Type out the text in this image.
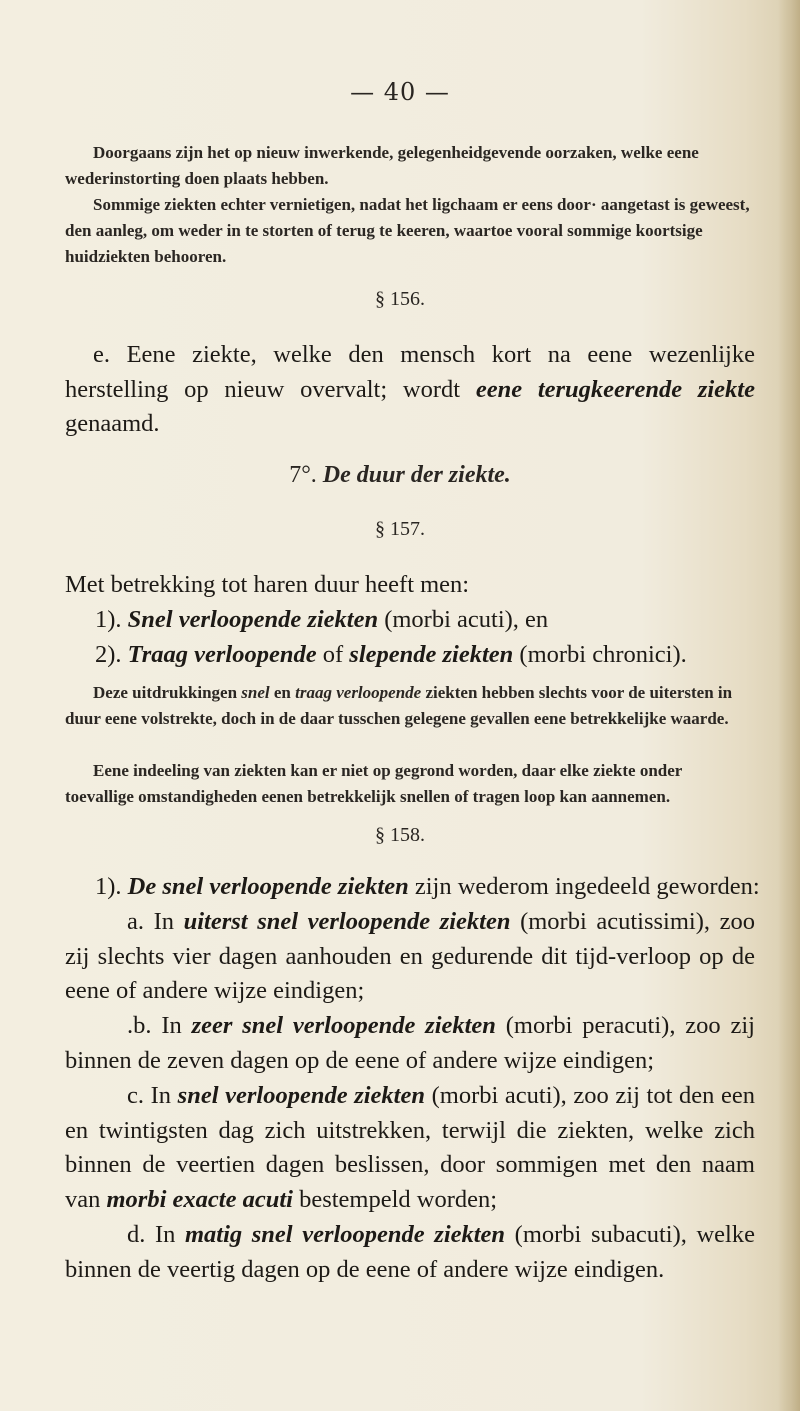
— 40 —

Doorgaans zijn het op nieuw inwerkende, gelegenheidgevende oorzaken, welke eene wederinstorting doen plaats hebben.

Sommige ziekten echter vernietigen, nadat het ligchaam er eens door· aangetast is geweest, den aanleg, om weder in te storten of terug te keeren, waartoe vooral sommige koortsige huidziekten behooren.

§ 156.

e. Eene ziekte, welke den mensch kort na eene wezenlijke herstelling op nieuw overvalt; wordt eene terugkeerende ziekte genaamd.

7°. De duur der ziekte.
§ 157.

Met betrekking tot haren duur heeft men:

1). Snel verloopende ziekten (morbi acuti), en

2). Traag verloopende of slepende ziekten (morbi chronici).

Deze uitdrukkingen snel en traag verloopende ziekten hebben slechts voor de uitersten in duur eene volstrekte, doch in de daar tusschen gelegene gevallen eene betrekkelijke waarde.

Eene indeeling van ziekten kan er niet op gegrond worden, daar elke ziekte onder toevallige omstandigheden eenen betrekkelijk snellen of tragen loop kan aannemen.

§ 158.

1). De snel verloopende ziekten zijn wederom ingedeeld geworden:

a. In uiterst snel verloopende ziekten (morbi acutissimi), zoo zij slechts vier dagen aanhouden en gedurende dit tijd-verloop op de eene of andere wijze eindigen;

.b. In zeer snel verloopende ziekten (morbi peracuti), zoo zij binnen de zeven dagen op de eene of andere wijze eindigen;

c. In snel verloopende ziekten (morbi acuti), zoo zij tot den een en twintigsten dag zich uitstrekken, terwijl die ziekten, welke zich binnen de veertien dagen beslissen, door sommigen met den naam van morbi exacte acuti bestempeld worden;

d. In matig snel verloopende ziekten (morbi subacuti), welke binnen de veertig dagen op de eene of andere wijze eindigen.
